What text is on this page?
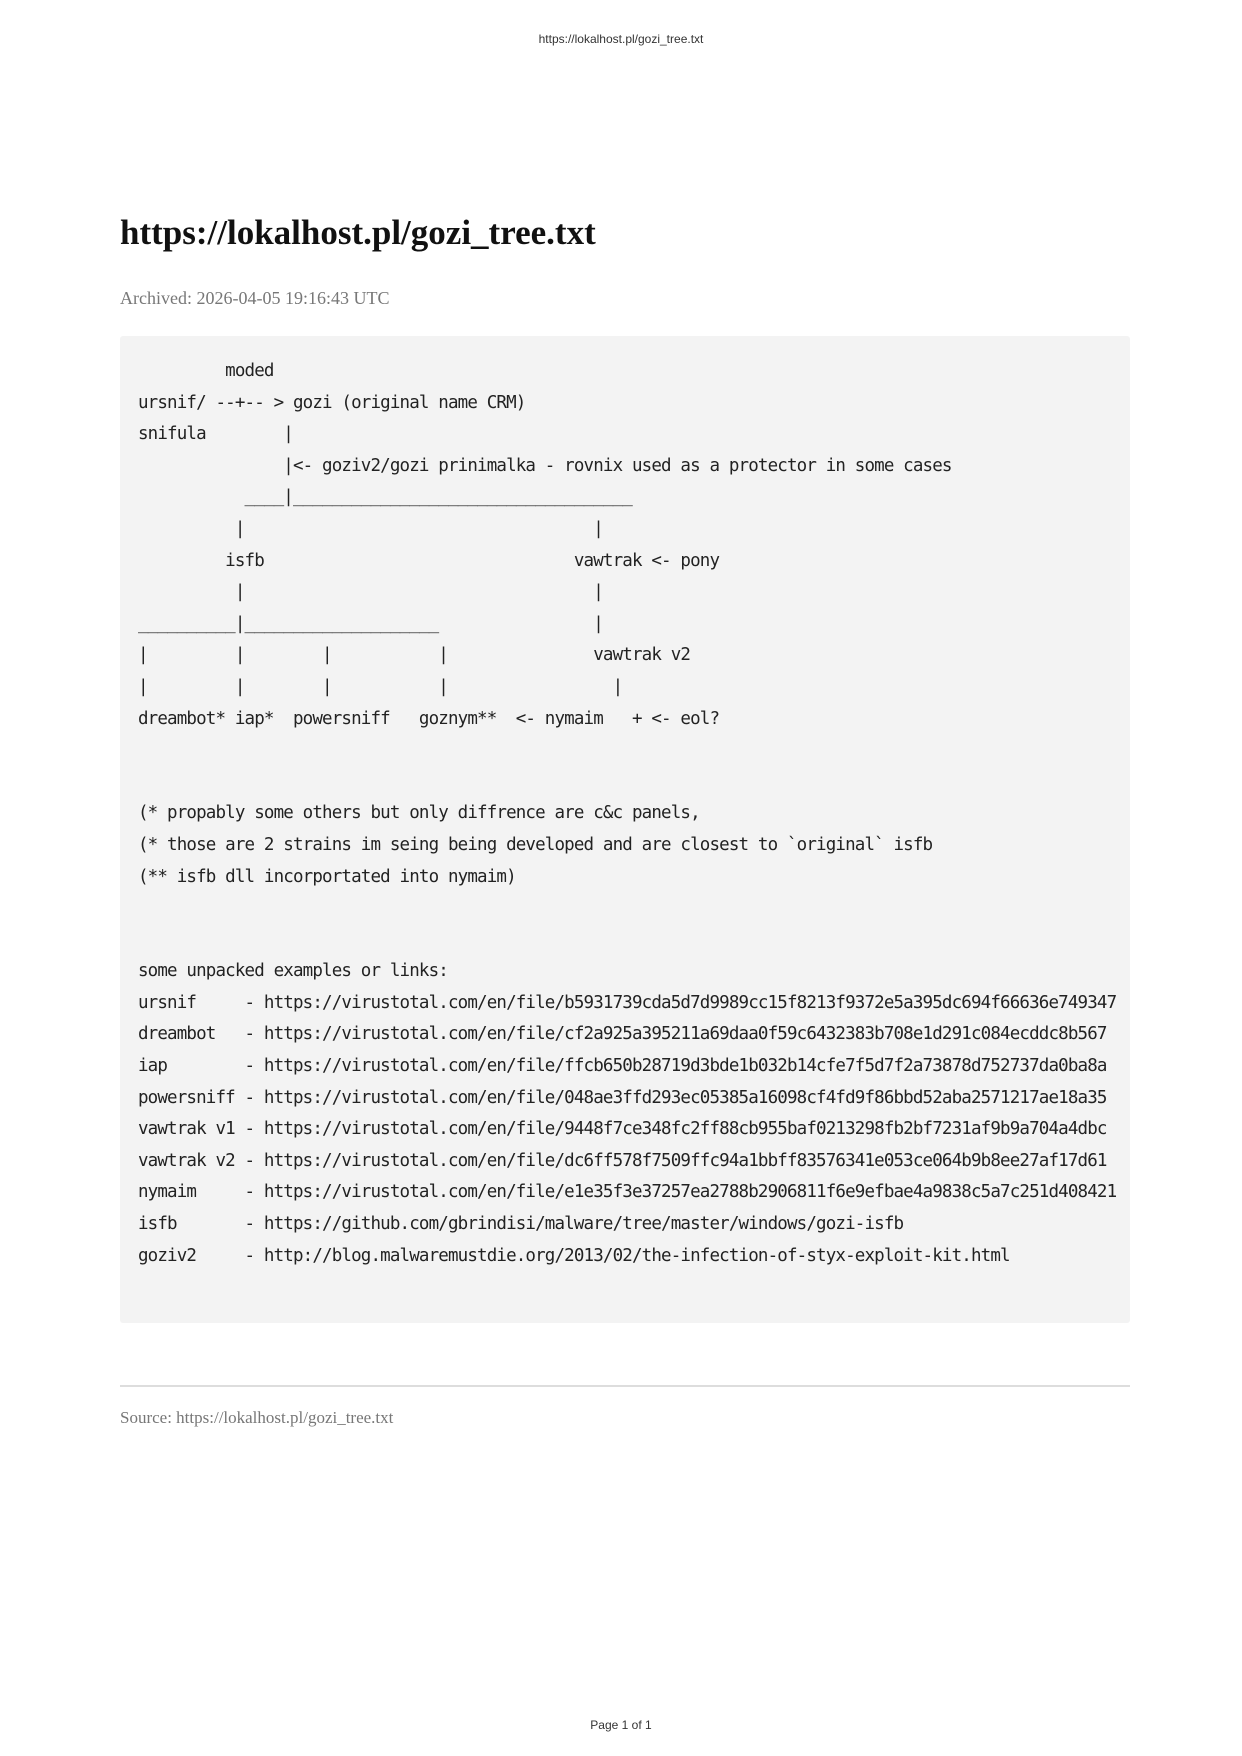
https://lokalhost.pl/gozi_tree.txt
https://lokalhost.pl/gozi_tree.txt
Archived: 2026-04-05 19:16:43 UTC
moded
ursnif/ --+-- > gozi (original name CRM)
snifula        |
|<- goziv2/gozi prinimalka - rovnix used as a protector in some cases
____|___________________________________
|                                    |
isfb                                vawtrak <- pony
|                                    |
__________|____________________                |
|         |        |           |               vawtrak v2
|         |        |           |                 |
dreambot* iap*  powersniff   goznym**  <- nymaim   + <- eol?

(* propably some others but only diffrence are c&c panels,
(* those are 2 strains im seing being developed and are closest to `original` isfb
(** isfb dll incorportated into nymaim)

some unpacked examples or links:
ursnif     - https://virustotal.com/en/file/b5931739cda5d7d9989cc15f8213f9372e5a395dc694f66636e749347
dreambot   - https://virustotal.com/en/file/cf2a925a395211a69daa0f59c6432383b708e1d291c084ecddc8b567
iap        - https://virustotal.com/en/file/ffcb650b28719d3bde1b032b14cfe7f5d7f2a73878d752737da0ba8a
powersniff - https://virustotal.com/en/file/048ae3ffd293ec05385a16098cf4fd9f86bbd52aba2571217ae18a35
vawtrak v1 - https://virustotal.com/en/file/9448f7ce348fc2ff88cb955baf0213298fb2bf7231af9b9a704a4dbc
vawtrak v2 - https://virustotal.com/en/file/dc6ff578f7509ffc94a1bbff83576341e053ce064b9b8ee27af17d61
nymaim     - https://virustotal.com/en/file/e1e35f3e37257ea2788b2906811f6e9efbae4a9838c5a7c251d408421
isfb       - https://github.com/gbrindisi/malware/tree/master/windows/gozi-isfb
goziv2     - http://blog.malwaremustdie.org/2013/02/the-infection-of-styx-exploit-kit.html
Source: https://lokalhost.pl/gozi_tree.txt
Page 1 of 1
